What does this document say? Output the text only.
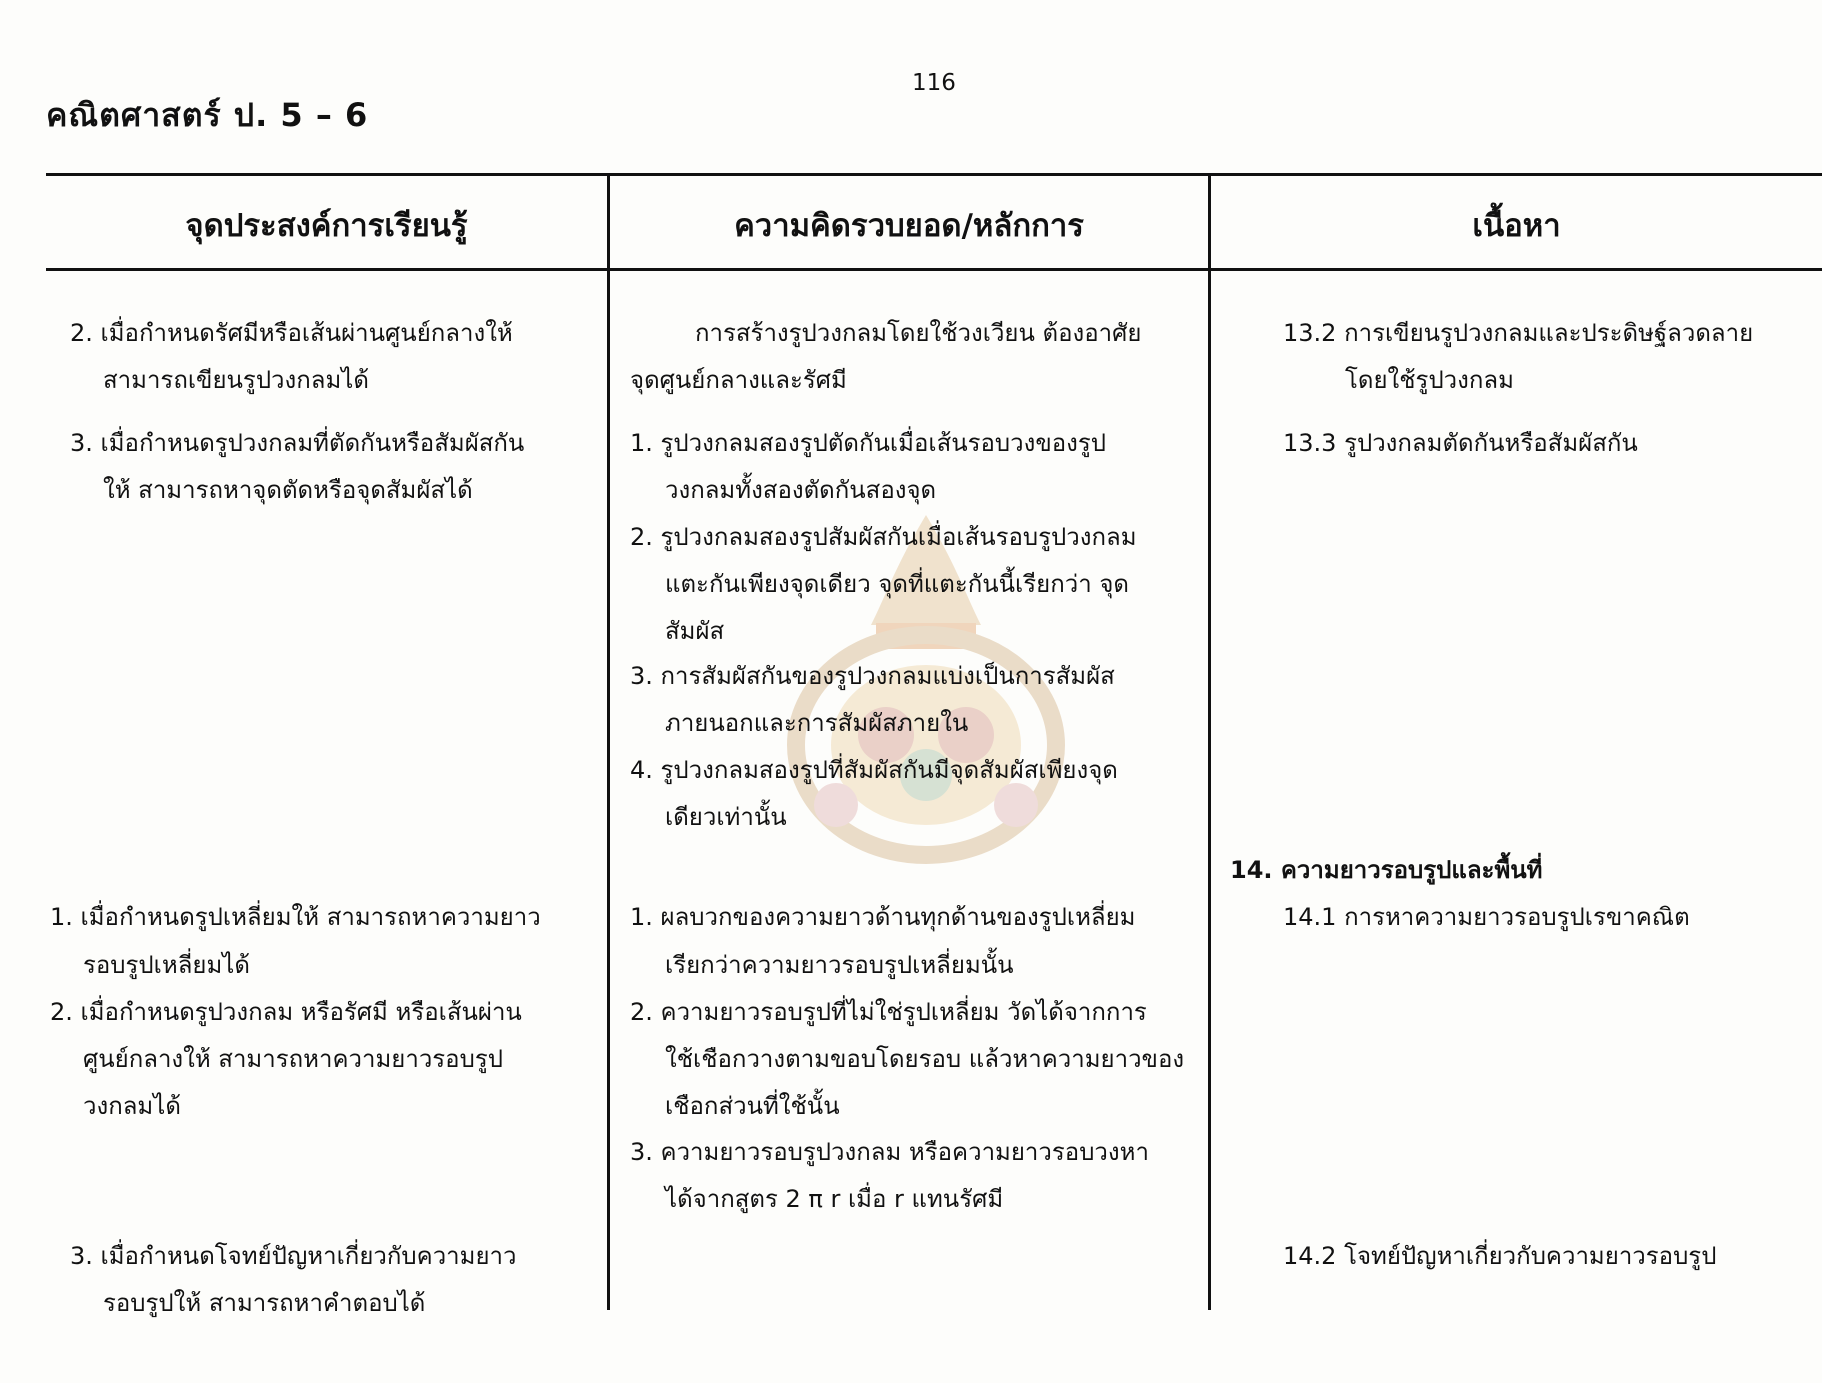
116
คณิตศาสตร์ ป. 5 – 6
จุดประสงค์การเรียนรู้	ความคิดรวบยอด/หลักการ	เนื้อหา
2. เมื่อกำหนดรัศมีหรือเส้นผ่านศูนย์กลางให้
สามารถเขียนรูปวงกลมได้
3. เมื่อกำหนดรูปวงกลมที่ตัดกันหรือสัมผัสกัน
ให้ สามารถหาจุดตัดหรือจุดสัมผัสได้
1. เมื่อกำหนดรูปเหลี่ยมให้ สามารถหาความยาว
รอบรูปเหลี่ยมได้
2. เมื่อกำหนดรูปวงกลม หรือรัศมี หรือเส้นผ่าน
ศูนย์กลางให้ สามารถหาความยาวรอบรูป
วงกลมได้
3. เมื่อกำหนดโจทย์ปัญหาเกี่ยวกับความยาว
รอบรูปให้ สามารถหาคำตอบได้
การสร้างรูปวงกลมโดยใช้วงเวียน ต้องอาศัย
จุดศูนย์กลางและรัศมี
1. รูปวงกลมสองรูปตัดกันเมื่อเส้นรอบวงของรูป
วงกลมทั้งสองตัดกันสองจุด
2. รูปวงกลมสองรูปสัมผัสกันเมื่อเส้นรอบรูปวงกลม
แตะกันเพียงจุดเดียว จุดที่แตะกันนี้เรียกว่า จุด
สัมผัส
3. การสัมผัสกันของรูปวงกลมแบ่งเป็นการสัมผัส
ภายนอกและการสัมผัสภายใน
4. รูปวงกลมสองรูปที่สัมผัสกันมีจุดสัมผัสเพียงจุด
เดียวเท่านั้น
1. ผลบวกของความยาวด้านทุกด้านของรูปเหลี่ยม
เรียกว่าความยาวรอบรูปเหลี่ยมนั้น
2. ความยาวรอบรูปที่ไม่ใช่รูปเหลี่ยม วัดได้จากการ
ใช้เชือกวางตามขอบโดยรอบ แล้วหาความยาวของ
เชือกส่วนที่ใช้นั้น
3. ความยาวรอบรูปวงกลม หรือความยาวรอบวงหา
ได้จากสูตร 2 π r เมื่อ r แทนรัศมี
13.2 การเขียนรูปวงกลมและประดิษฐ์ลวดลาย
โดยใช้รูปวงกลม
13.3 รูปวงกลมตัดกันหรือสัมผัสกัน
14. ความยาวรอบรูปและพื้นที่
14.1 การหาความยาวรอบรูปเรขาคณิต
14.2 โจทย์ปัญหาเกี่ยวกับความยาวรอบรูป
